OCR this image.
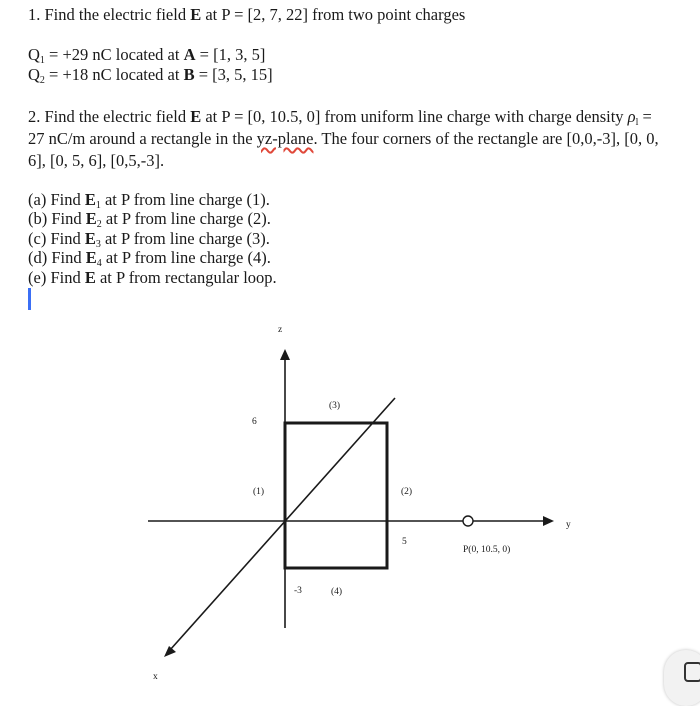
1. Find the electric field E at P = [2, 7, 22] from two point charges
$Q_1 = +29$ nC located at A = [1, 3, 5]
$Q_2 = +18$ nC located at B = [3, 5, 15]
2. Find the electric field E at P = [0, 10.5, 0] from uniform line charge with charge density $\rho_l$ =
27 nC/m around a rectangle in the yz-plane. The four corners of the rectangle are [0,0,-3], [0, 0,
6], [0, 5, 6], [0,5,-3].
(a) Find $E_1$ at P from line charge (1).
(b) Find $E_2$ at P from line charge (2).
(c) Find $E_3$ at P from line charge (3).
(d) Find $E_4$ at P from line charge (4).
(e) Find E at P from rectangular loop.
z
y
x
6
5
-3
(1)	(2)
(3)
(4)
P(0, 10.5, 0)
